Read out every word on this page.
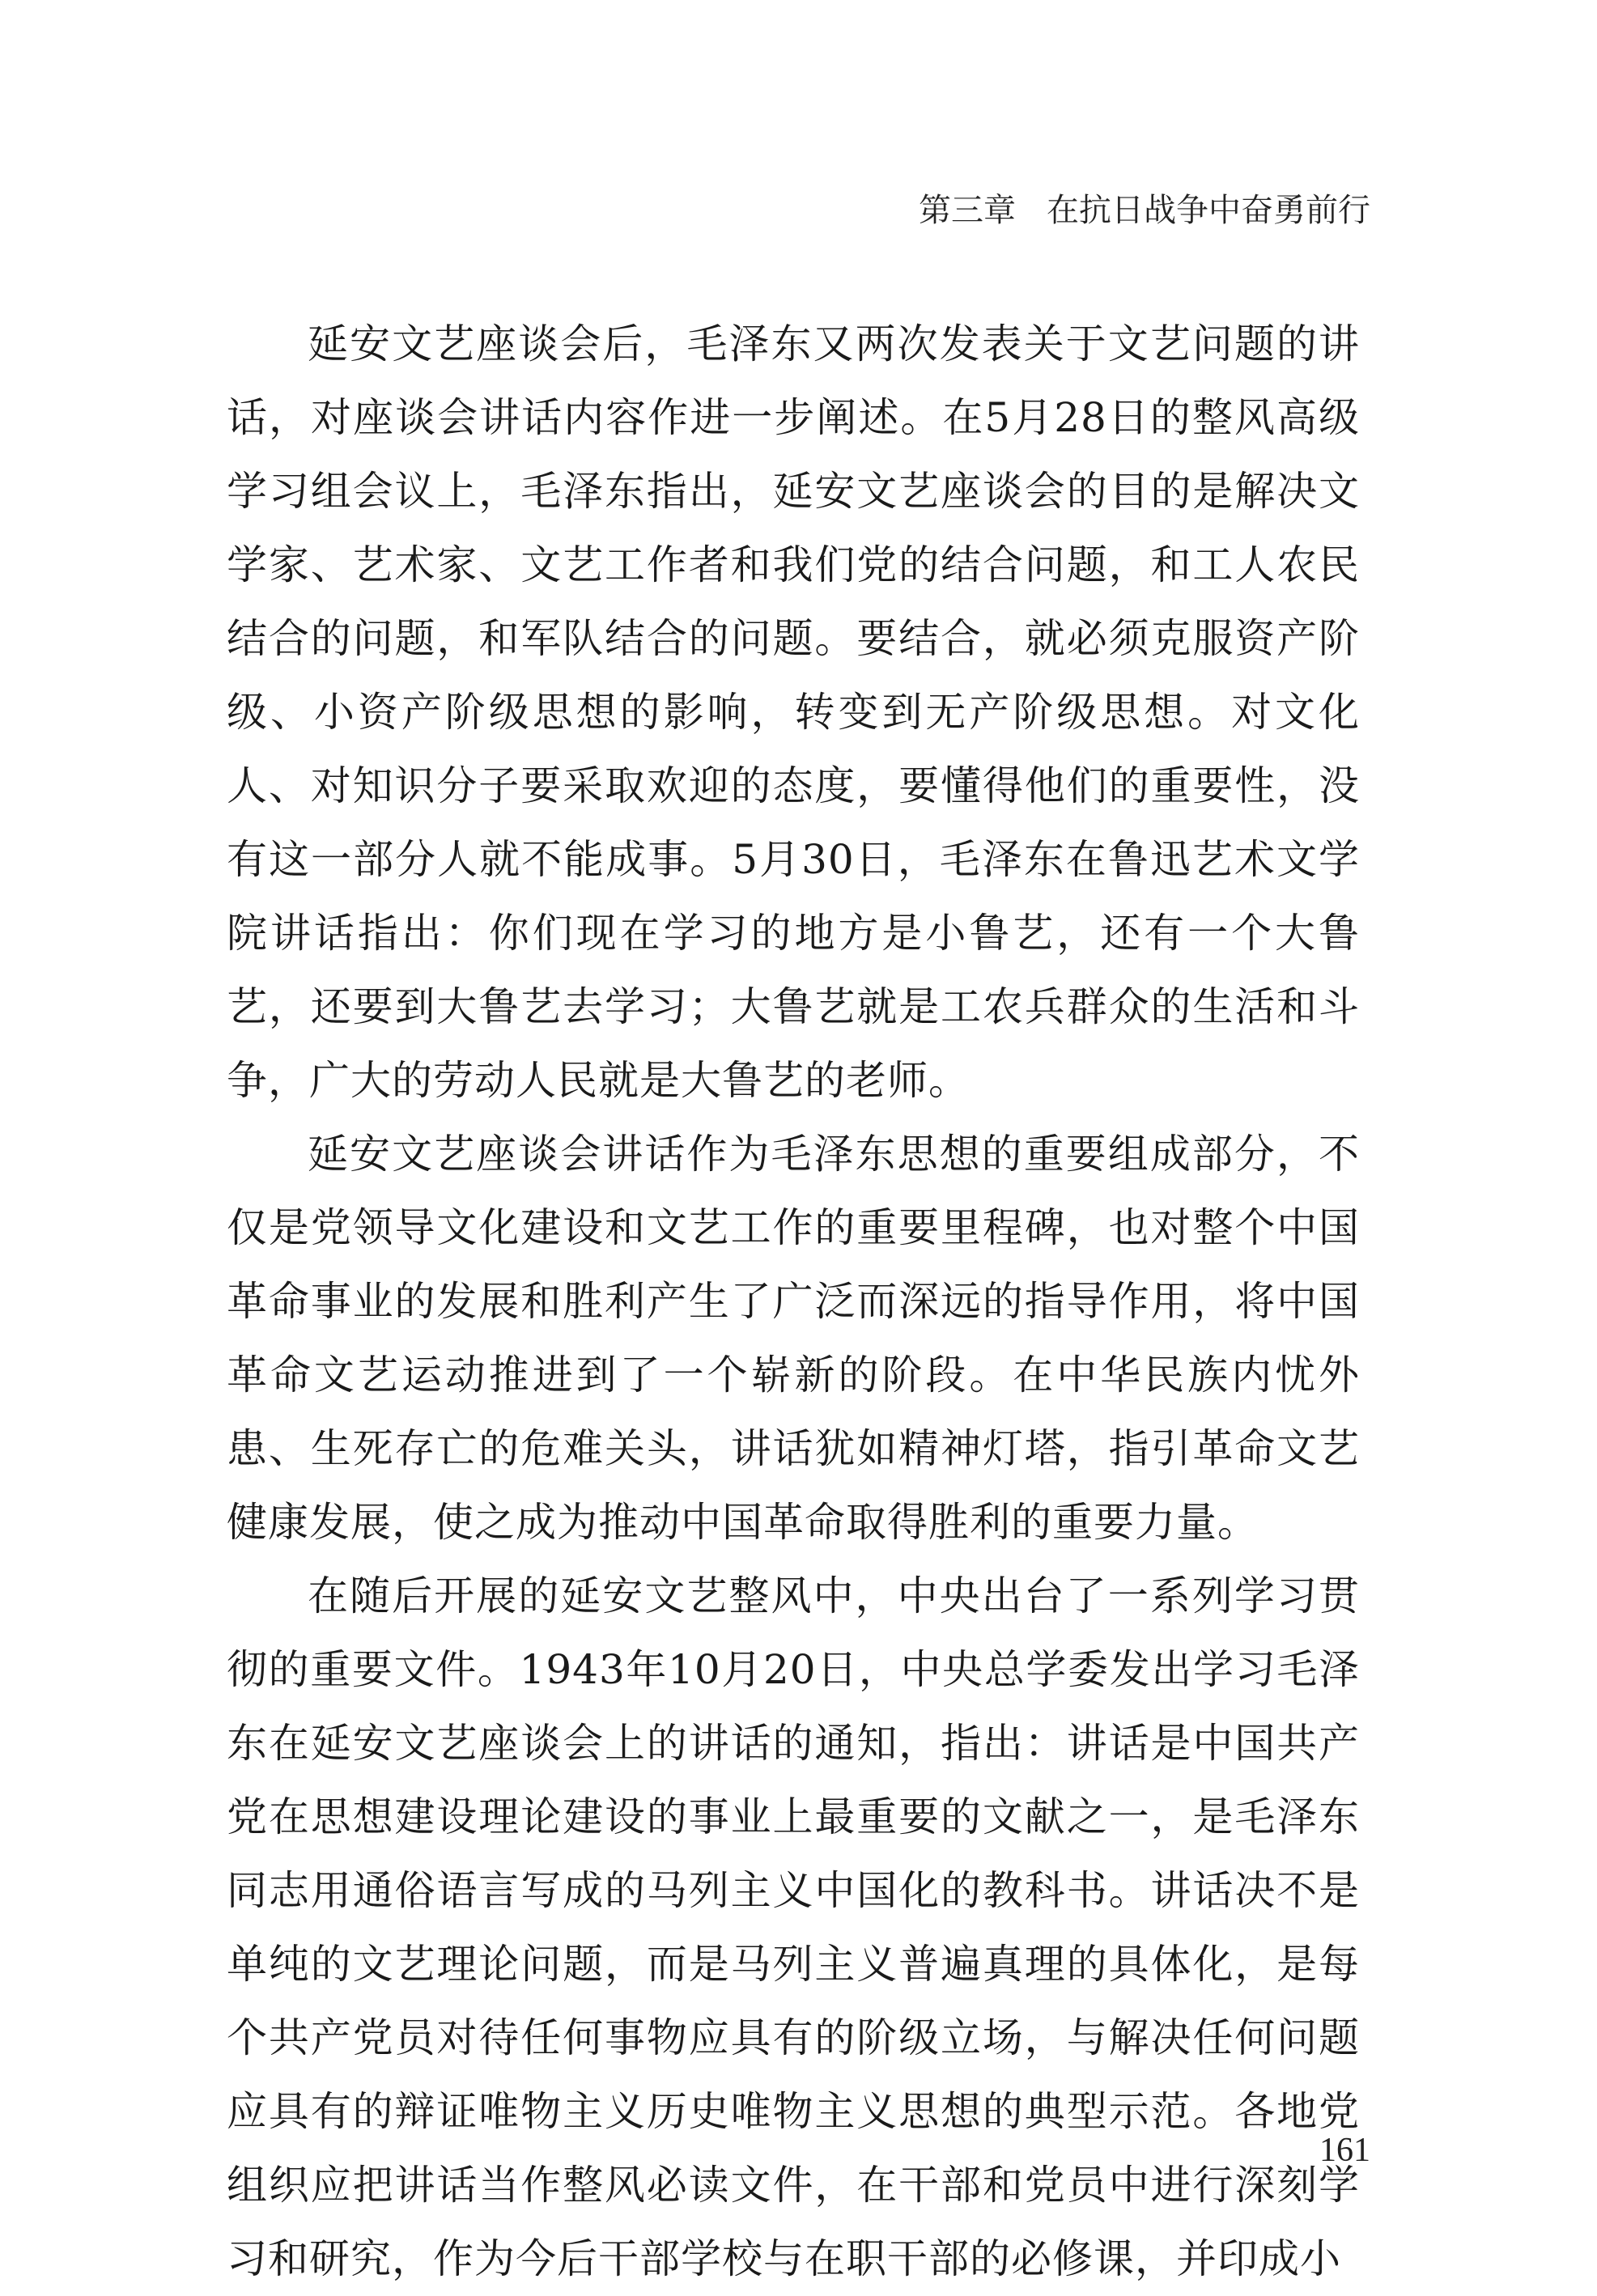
第三章 在抗日战争中奋勇前行

延安文艺座谈会后，毛泽东又两次发表关于文艺问题的讲话，对座谈会讲话内容作进一步阐述。在5月28日的整风高级学习组会议上，毛泽东指出，延安文艺座谈会的目的是解决文学家、艺术家、文艺工作者和我们党的结合问题，和工人农民结合的问题，和军队结合的问题。要结合，就必须克服资产阶级、小资产阶级思想的影响，转变到无产阶级思想。对文化人、对知识分子要采取欢迎的态度，要懂得他们的重要性，没有这一部分人就不能成事。5月30日，毛泽东在鲁迅艺术文学院讲话指出：你们现在学习的地方是小鲁艺，还有一个大鲁艺，还要到大鲁艺去学习；大鲁艺就是工农兵群众的生活和斗争，广大的劳动人民就是大鲁艺的老师。

延安文艺座谈会讲话作为毛泽东思想的重要组成部分，不仅是党领导文化建设和文艺工作的重要里程碑，也对整个中国革命事业的发展和胜利产生了广泛而深远的指导作用，将中国革命文艺运动推进到了一个崭新的阶段。在中华民族内忧外患、生死存亡的危难关头，讲话犹如精神灯塔，指引革命文艺健康发展，使之成为推动中国革命取得胜利的重要力量。

在随后开展的延安文艺整风中，中央出台了一系列学习贯彻的重要文件。1943年10月20日，中央总学委发出学习毛泽东在延安文艺座谈会上的讲话的通知，指出：讲话是中国共产党在思想建设理论建设的事业上最重要的文献之一，是毛泽东同志用通俗语言写成的马列主义中国化的教科书。讲话决不是单纯的文艺理论问题，而是马列主义普遍真理的具体化，是每个共产党员对待任何事物应具有的阶级立场，与解决任何问题应具有的辩证唯物主义历史唯物主义思想的典型示范。各地党组织应把讲话当作整风必读文件，在干部和党员中进行深刻学习和研究，作为今后干部学校与在职干部的必修课，并印成小

161
